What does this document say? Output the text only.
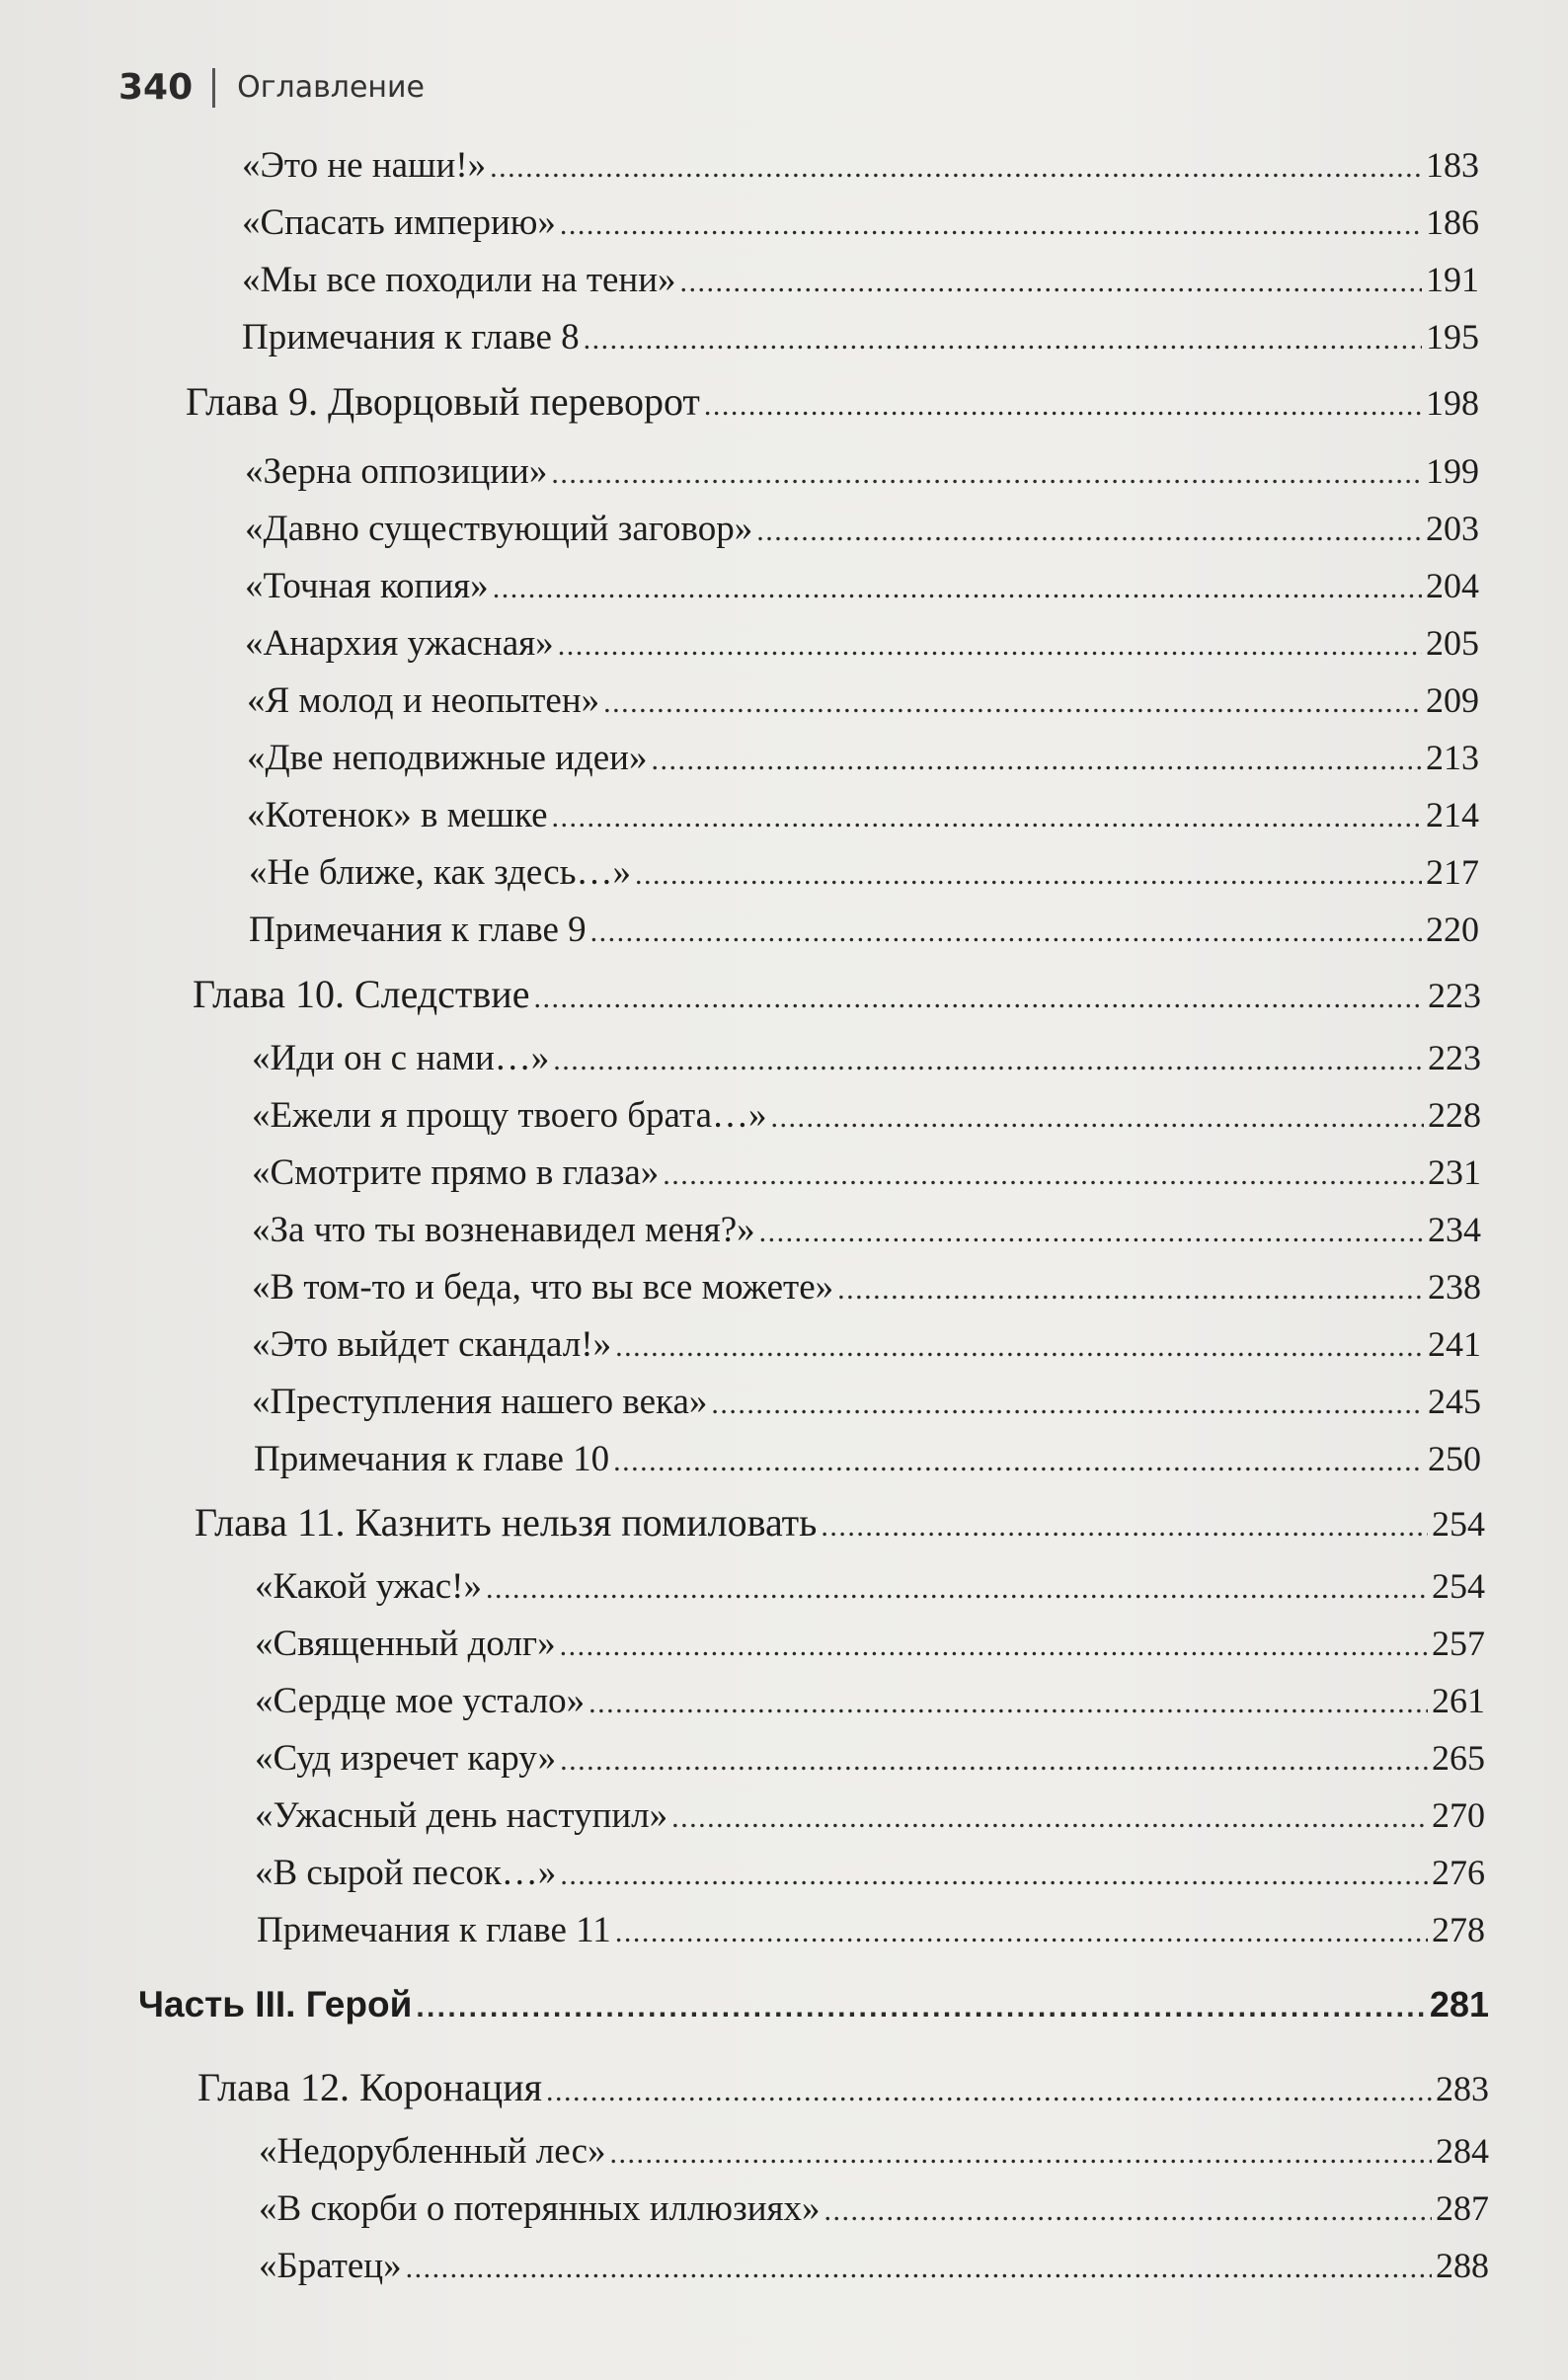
340 Оглавление
«Это не наши!» . . .	183
«Спасать империю» . . .	186
«Мы все походили на тени» . . .	191
Примечания к главе 8 . . .	195
Глава 9. Дворцовый переворот . . .	198
«Зерна оппозиции» . . .	199
«Давно существующий заговор» . . .	203
«Точная копия» . . .	204
«Анархия ужасная» . . .	205
«Я молод и неопытен» . . .	209
«Две неподвижные идеи» . . .	213
«Котенок» в мешке . . .	214
«Не ближе, как здесь…» . . .	217
Примечания к главе 9 . . .	220
Глава 10. Следствие . . .	223
«Иди он с нами…» . . .	223
«Ежели я прощу твоего брата…» . . .	228
«Смотрите прямо в глаза» . . .	231
«За что ты возненавидел меня?» . . .	234
«В том-то и беда, что вы все можете» . . .	238
«Это выйдет скандал!» . . .	241
«Преступления нашего века» . . .	245
Примечания к главе 10 . . .	250
Глава 11. Казнить нельзя помиловать . . .	254
«Какой ужас!» . . .	254
«Священный долг» . . .	257
«Сердце мое устало» . . .	261
«Суд изречет кару» . . .	265
«Ужасный день наступил» . . .	270
«В сырой песок…» . . .	276
Примечания к главе 11 . . .	278
Часть III. Герой . . .	281
Глава 12. Коронация . . .	283
«Недорубленный лес» . . .	284
«В скорби о потерянных иллюзиях» . . .	287
«Братец» . . .	288
